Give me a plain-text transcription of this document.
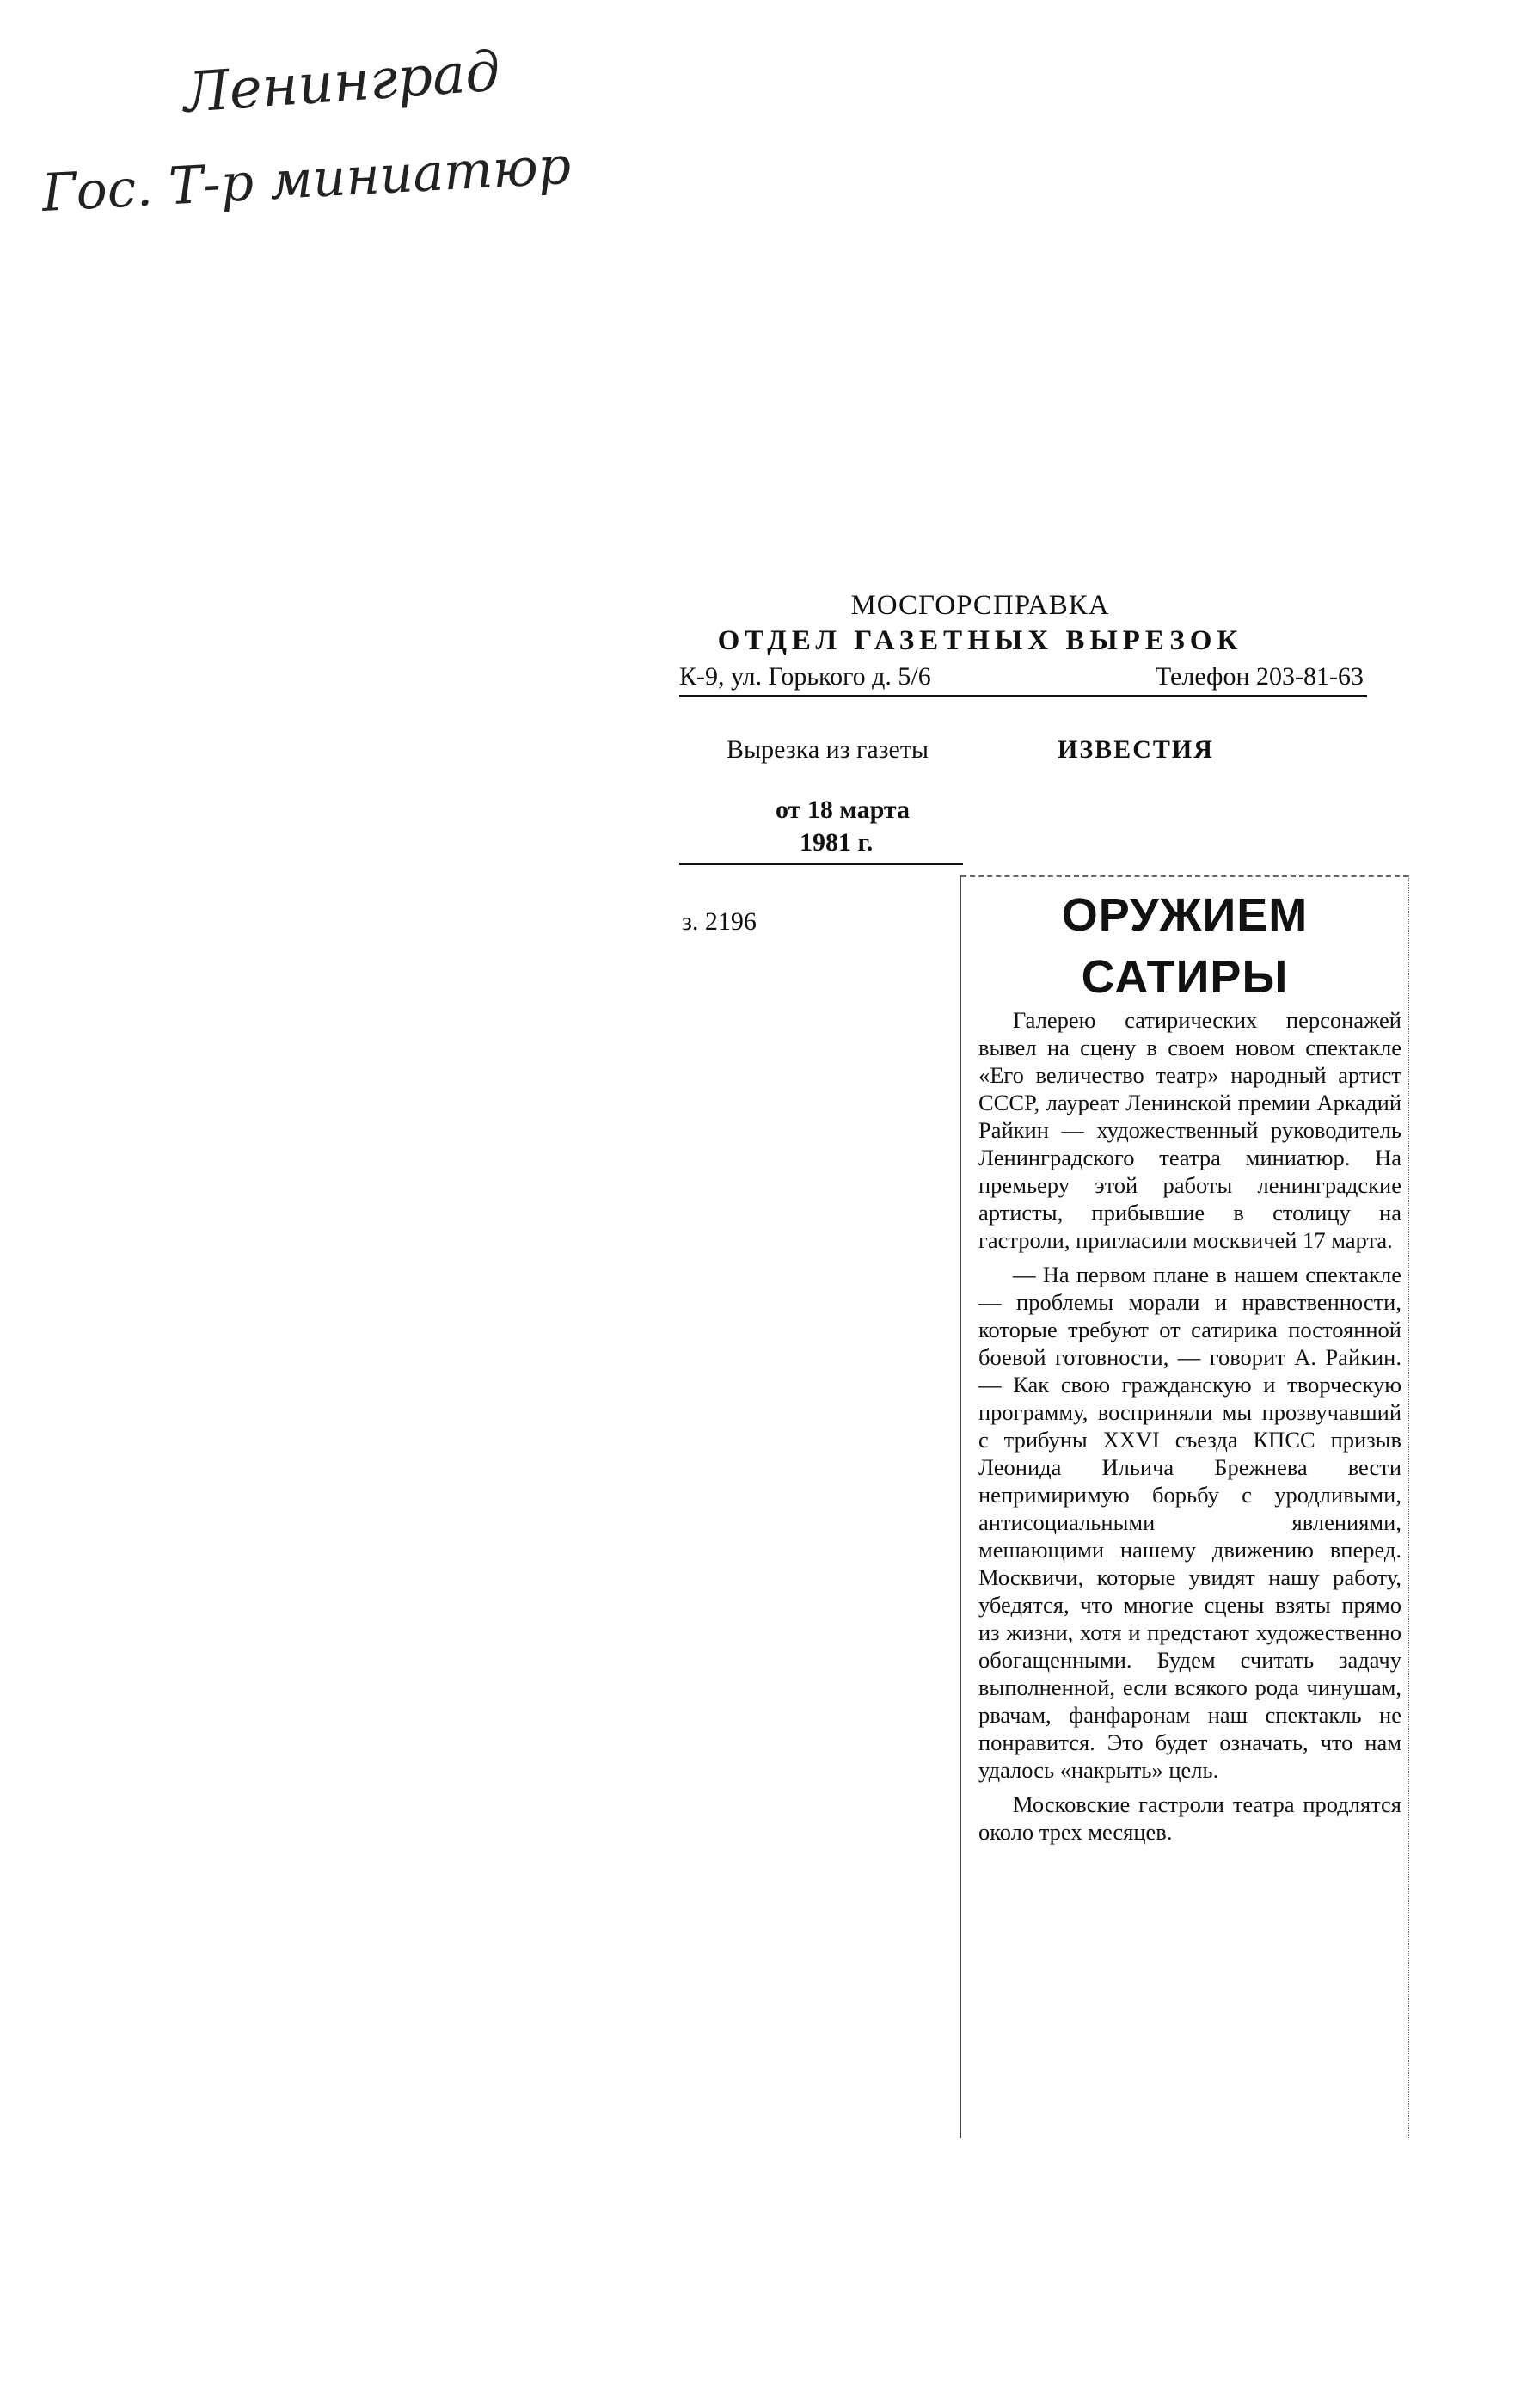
Ленинград
Гос. Т-р миниатюр
МОСГОРСПРАВКА
ОТДЕЛ ГАЗЕТНЫХ ВЫРЕЗОК
К-9, ул. Горького д. 5/6	Телефон 203-81-63
Вырезка из газеты	ИЗВЕСТИЯ
от 18 марта
1981 г.
з. 2196	ОРУЖИЕМ
САТИРЫ

Галерею сатирических персонажей вывел на сцену в своем новом спектакле «Его величество театр» народный артист СССР, лауреат Ленинской премии Аркадий Райкин — художественный руководитель Ленинградского театра миниатюр. На премьеру этой работы ленинградские артисты, прибывшие в столицу на гастроли, пригласили москвичей 17 марта.

— На первом плане в нашем спектакле — проблемы морали и нравственности, которые требуют от сатирика постоянной боевой готовности, — говорит А. Райкин. — Как свою гражданскую и творческую программу, восприняли мы прозвучавший с трибуны XXVI съезда КПСС призыв Леонида Ильича Брежнева вести непримиримую борьбу с уродливыми, антисоциальными явлениями, мешающими нашему движению вперед. Москвичи, которые увидят нашу работу, убедятся, что многие сцены взяты прямо из жизни, хотя и предстают художественно обогащенными. Будем считать задачу выполненной, если всякого рода чинушам, рвачам, фанфаронам наш спектакль не понравится. Это будет означать, что нам удалось «накрыть» цель.

Московские гастроли театра продлятся около трех месяцев.
